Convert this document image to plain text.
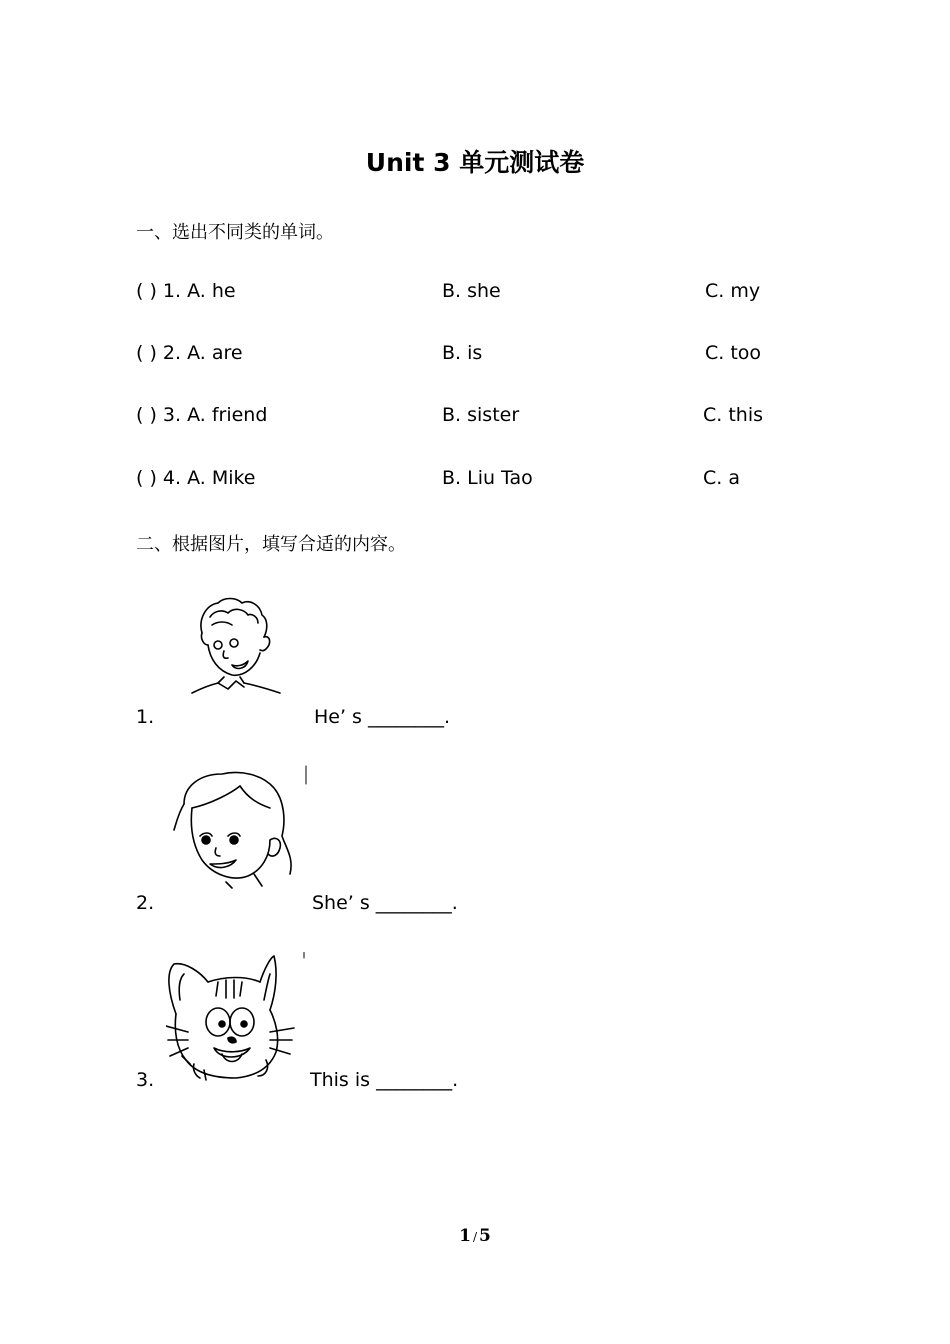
Unit 3 单元测试卷
一、选出不同类的单词。
( ) 1. A. he	B. she	C. my
( ) 2. A. are	B. is	C. too
( ) 3. A. friend	B. sister	C. this
( ) 4. A. Mike	B. Liu Tao	C. a
二、根据图片，填写合适的内容。
1.	He’ s ________.
2.	She’ s ________.
3.	This is ________.
1 / 5
